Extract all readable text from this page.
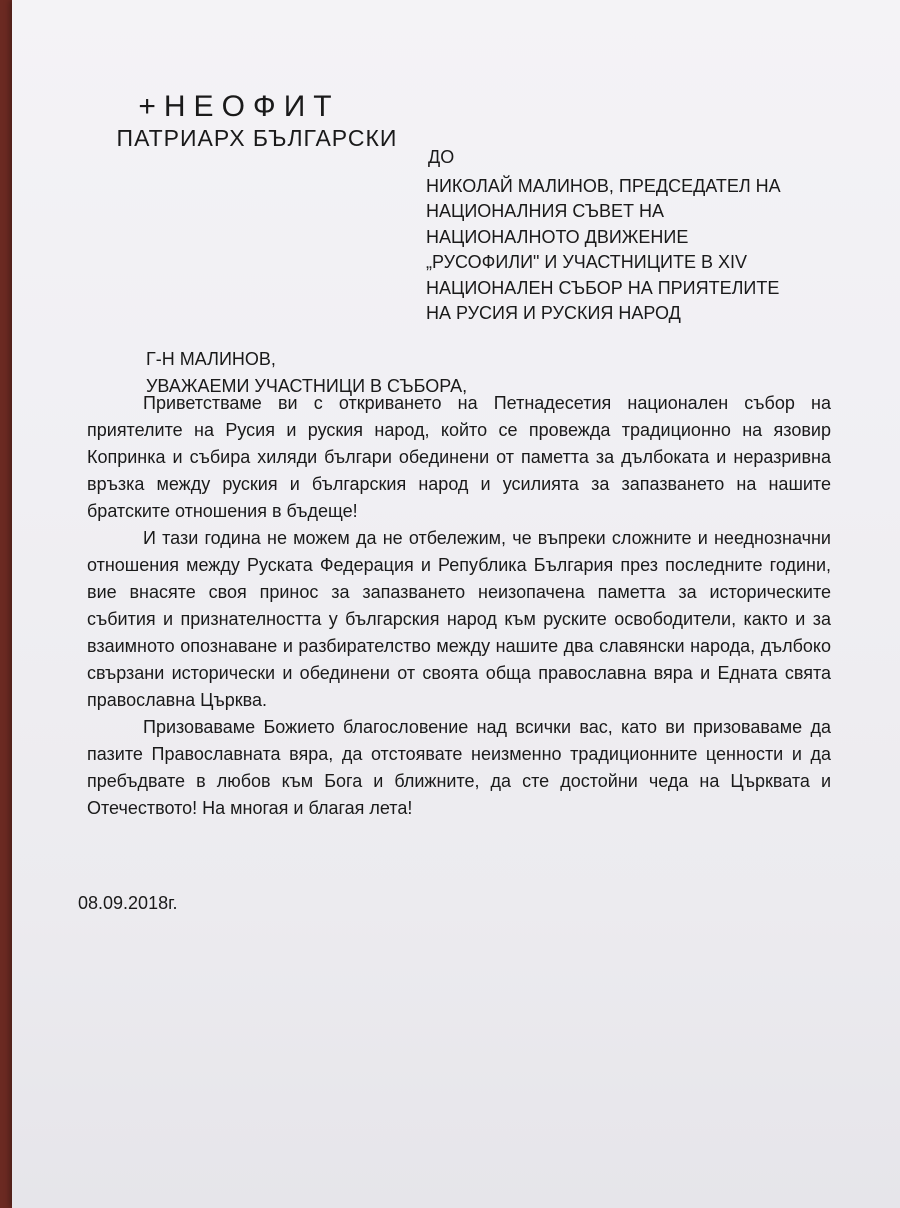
+НЕОФИТ
ПАТРИАРХ БЪЛГАРСКИ
ДО
НИКОЛАЙ МАЛИНОВ, ПРЕДСЕДАТЕЛ НА
НАЦИОНАЛНИЯ СЪВЕТ НА
НАЦИОНАЛНОТО ДВИЖЕНИЕ
„РУСОФИЛИ" И УЧАСТНИЦИТЕ В XIV
НАЦИОНАЛЕН СЪБОР НА ПРИЯТЕЛИТЕ
НА РУСИЯ И РУСКИЯ НАРОД
Г-Н МАЛИНОВ,
УВАЖАЕМИ УЧАСТНИЦИ В СЪБОРА,

Приветстваме ви с откриването на Петнадесетия национален събор на приятелите на Русия и руския народ, който се провежда традиционно на язовир Копринка и събира хиляди българи обединени от паметта за дълбоката и неразривна връзка между руския и българския народ и усилията за запазването на нашите братските отношения в бъдеще!

И тази година не можем да не отбележим, че въпреки сложните и нееднозначни отношения между Руската Федерация и Република България през последните години, вие внасяте своя принос за запазването неизопачена паметта за историческите събития и признателността у българския народ към руските освободители, както и за взаимното опознаване и разбирателство между нашите два славянски народа, дълбоко свързани исторически и обединени от своята обща православна вяра и Едната свята православна Църква.

Призоваваме Божието благословение над всички вас, като ви призоваваме да пазите Православната вяра, да отстоявате неизменно традиционните ценности и да пребъдвате в любов към Бога и ближните, да сте достойни чеда на Църквата и Отечеството! На многая и благая лета!

08.09.2018г.
